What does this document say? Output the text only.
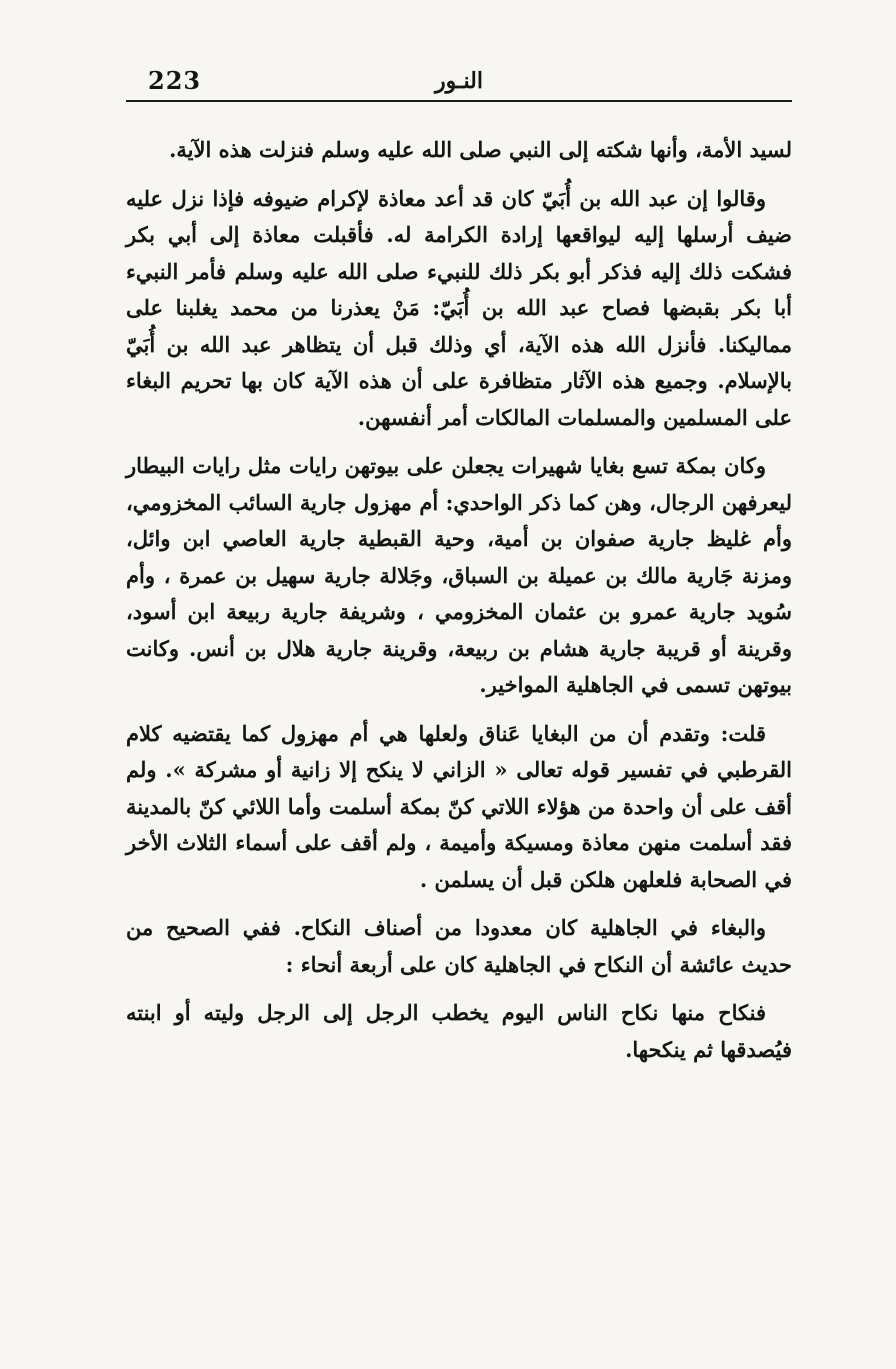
223	النـور

لسيد الأمة، وأنها شكته إلى النبي صلى الله عليه وسلم فنزلت هذه الآية.

وقالوا إن عبد الله بن أُبَيّ كان قد أعد معاذة لإكرام ضيوفه فإذا نزل عليه ضيف أرسلها إليه ليواقعها إرادة الكرامة له. فأقبلت معاذة إلى أبي بكر فشكت ذلك إليه فذكر أبو بكر ذلك للنبيء صلى الله عليه وسلم فأمر النبيء أبا بكر بقبضها فصاح عبد الله بن أُبَيّ: مَنْ يعذرنا من محمد يغلبنا على مماليكنا. فأنزل الله هذه الآية، أي وذلك قبل أن يتظاهر عبد الله بن أُبَيّ بالإسلام. وجميع هذه الآثار متظافرة على أن هذه الآية كان بها تحريم البغاء على المسلمين والمسلمات المالكات أمر أنفسهن.

وكان بمكة تسع بغايا شهيرات يجعلن على بيوتهن رايات مثل رايات البيطار ليعرفهن الرجال، وهن كما ذكر الواحدي: أم مهزول جارية السائب المخزومي، وأم غليظ جارية صفوان بن أمية، وحية القبطية جارية العاصي ابن وائل، ومزنة جَارية مالك بن عميلة بن السباق، وجَلالة جارية سهيل بن عمرة ، وأم سُويد جارية عمرو بن عثمان المخزومي ، وشريفة جارية ربيعة ابن أسود، وقرينة أو قريبة جارية هشام بن ربيعة، وقرينة جارية هلال بن أنس. وكانت بيوتهن تسمى في الجاهلية المواخير.

قلت: وتقدم أن من البغايا عَناق ولعلها هي أم مهزول كما يقتضيه كلام القرطبي في تفسير قوله تعالى « الزاني لا ينكح إلا زانية أو مشركة ». ولم أقف على أن واحدة من هؤلاء اللاتي كنّ بمكة أسلمت وأما اللائي كنّ بالمدينة فقد أسلمت منهن معاذة ومسيكة وأميمة ، ولم أقف على أسماء الثلاث الأخر في الصحابة فلعلهن هلكن قبل أن يسلمن .

والبغاء في الجاهلية كان معدودا من أصناف النكاح. ففي الصحيح من حديث عائشة أن النكاح في الجاهلية كان على أربعة أنحاء :

فنكاح منها نكاح الناس اليوم يخطب الرجل إلى الرجل وليته أو ابنته فيُصدقها ثم ينكحها.
